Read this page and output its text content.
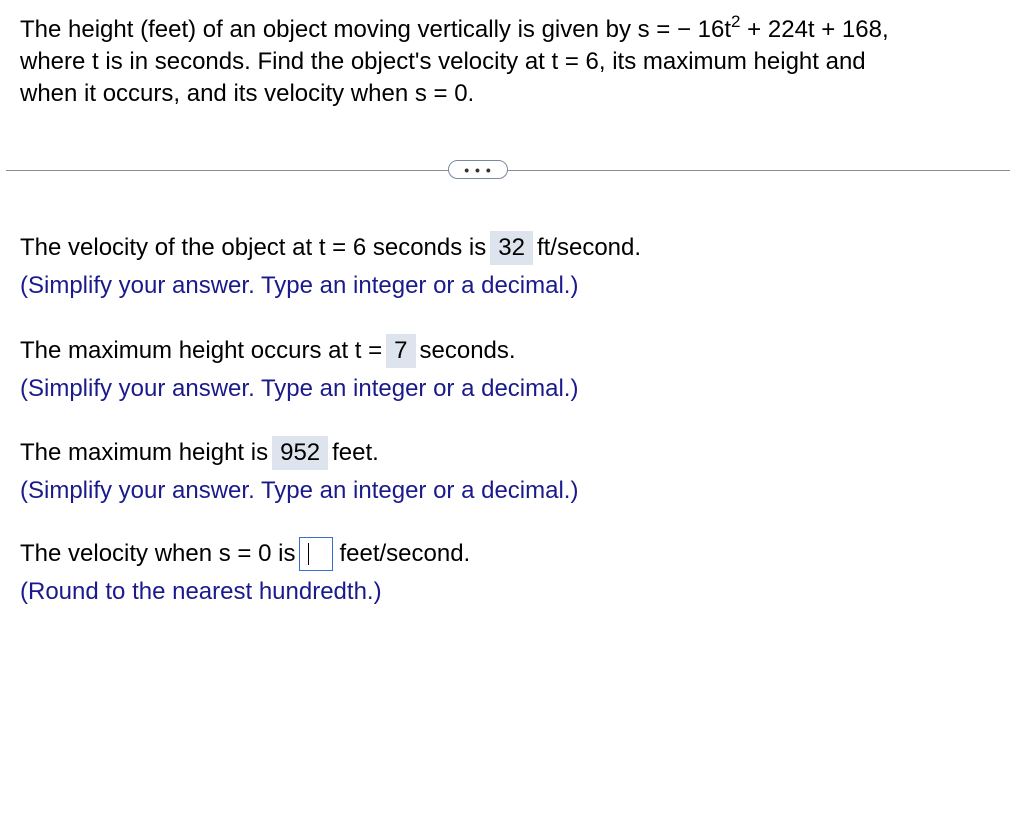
The height (feet) of an object moving vertically is given by s = − $16t^2 + 224t + 168$,
where t is in seconds. Find the object's velocity at t = 6, its maximum height and
when it occurs, and its velocity when s = 0.
• • •
The velocity of the object at t = 6 seconds is 32 ft/second.
(Simplify your answer. Type an integer or a decimal.)
The maximum height occurs at t = 7 seconds.
(Simplify your answer. Type an integer or a decimal.)
The maximum height is 952 feet.
(Simplify your answer. Type an integer or a decimal.)
The velocity when s = 0 is

feet/second.
(Round to the nearest hundredth.)
